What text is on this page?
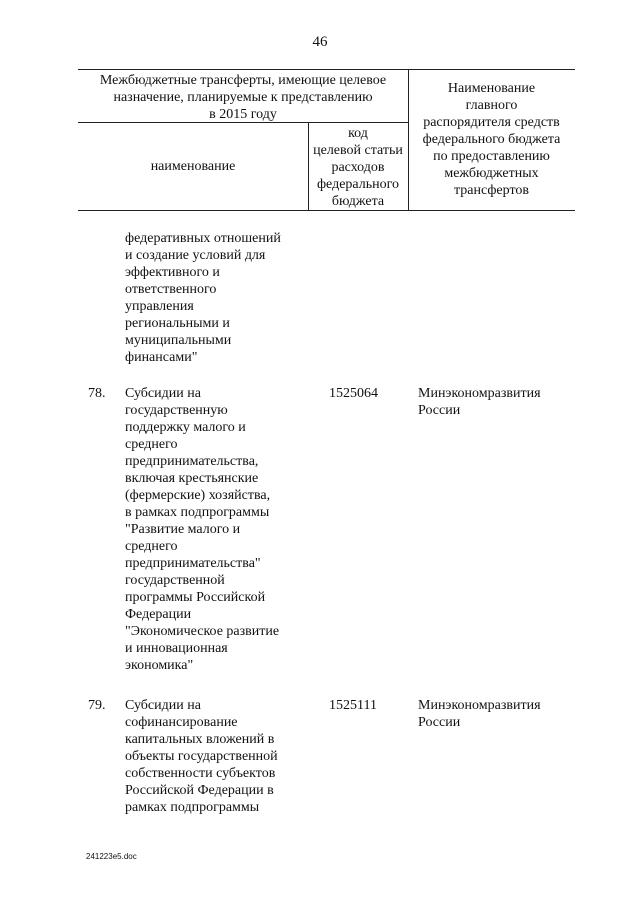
46
Межбюджетные трансферты, имеющие целевое
назначение, планируемые к представлению
в 2015 году
наименование
код
целевой статьи
расходов
федерального
бюджета
Наименование
главного
распорядителя средств
федерального бюджета
по предоставлению
межбюджетных
трансфертов
федеративных отношений
и создание условий для
эффективного и
ответственного
управления
региональными и
муниципальными
финансами"
78. Субсидии на
государственную
поддержку малого и
среднего
предпринимательства,
включая крестьянские
(фермерские) хозяйства,
в рамках подпрограммы
"Развитие малого и
среднего
предпринимательства"
государственной
программы Российской
Федерации
"Экономическое развитие
и инновационная
экономика"
1525064	Минэкономразвития
России
79. Субсидии на
софинансирование
капитальных вложений в
объекты государственной
собственности субъектов
Российской Федерации в
рамках подпрограммы
1525111	Минэкономразвития
России
241223e5.doc
